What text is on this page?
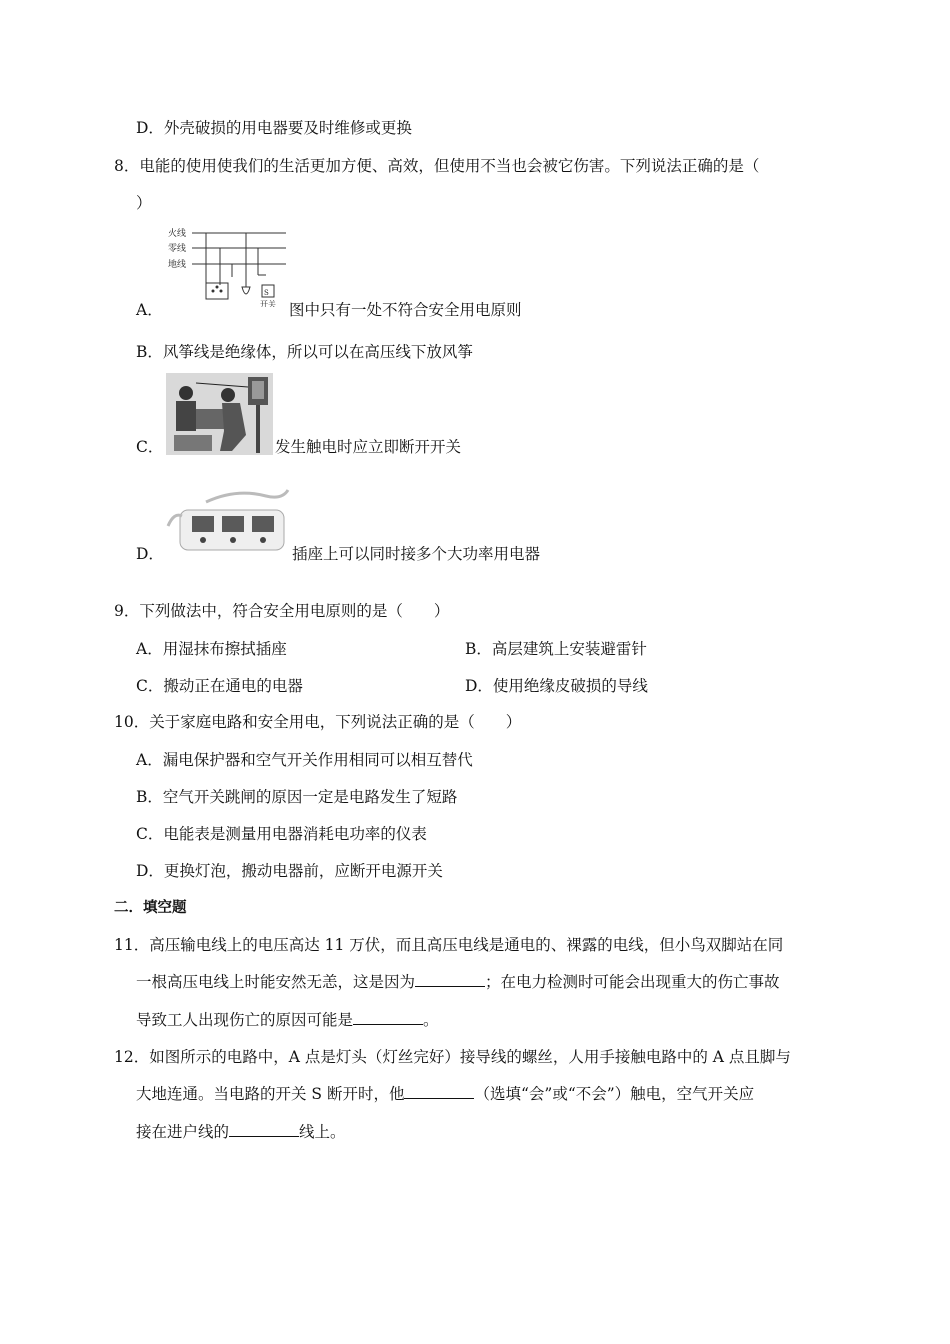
D．外壳破损的用电器要及时维修或更换
8．电能的使用使我们的生活更加方便、高效，但使用不当也会被它伤害。下列说法正确的是（
）
火线
零线
地线
S
开关
A．	图中只有一处不符合安全用电原则
B．风筝线是绝缘体，所以可以在高压线下放风筝
C．	发生触电时应立即断开开关
D．	插座上可以同时接多个大功率用电器
9．下列做法中，符合安全用电原则的是（　　）
A．用湿抹布擦拭插座	B．高层建筑上安装避雷针
C．搬动正在通电的电器	D．使用绝缘皮破损的导线
10．关于家庭电路和安全用电，下列说法正确的是（　　）
A．漏电保护器和空气开关作用相同可以相互替代
B．空气开关跳闸的原因一定是电路发生了短路
C．电能表是测量用电器消耗电功率的仪表
D．更换灯泡，搬动电器前，应断开电源开关
二．填空题
11．高压输电线上的电压高达 11 万伏，而且高压电线是通电的、裸露的电线，但小鸟双脚站在同
一根高压电线上时能安然无恙，这是因为	；在电力检测时可能会出现重大的伤亡事故
导致工人出现伤亡的原因可能是	。
12．如图所示的电路中，A 点是灯头（灯丝完好）接导线的螺丝，人用手接触电路中的 A 点且脚与
大地连通。当电路的开关 S 断开时，他	（选填“会”或“不会”）触电，空气开关应
接在进户线的	线上。
